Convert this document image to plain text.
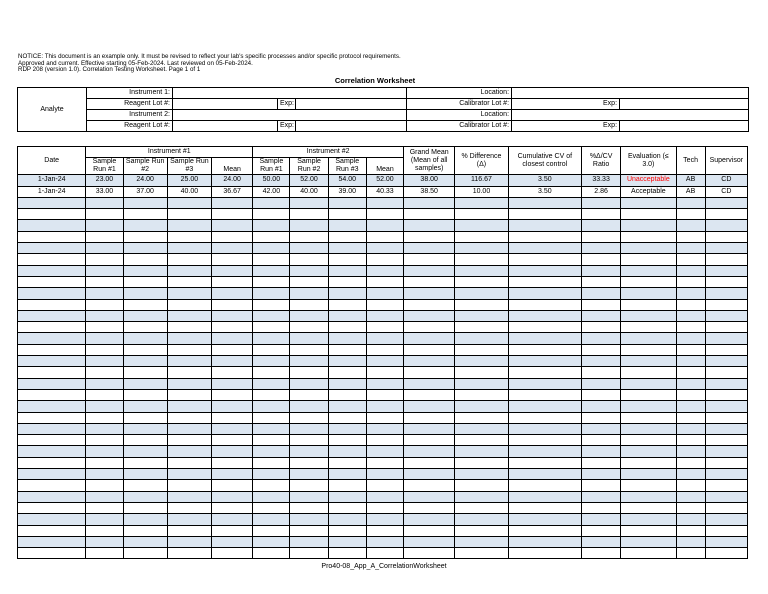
NOTICE: This document is an example only. It must be revised to reflect your lab's specific processes and/or specific protocol requirements.
Approved and current. Effective starting 05-Feb-2024. Last reviewed on 05-Feb-2024.
RDP 208 (version 1.0). Correlation Testing Worksheet. Page 1 of 1
Correlation Worksheet
Analyte	Instrument 1:				Location:		
	Reagent Lot #:		Exp:		Calibrator Lot #:	Exp:	
	Instrument 2:				Location:		
	Reagent Lot #:		Exp:		Calibrator Lot #:	Exp:	
Date	Instrument #1				Instrument #2				Grand Mean (Mean of all samples)	% Difference (Δ)	Cumulative CV of closest control	%Δ/CV Ratio	Evaluation (≤ 3.0)	Tech	Supervisor
	Sample Run #1	Sample Run #2	Sample Run #3	Mean	Sample Run #1	Sample Run #2	Sample Run #3	Mean							
1-Jan-24	23.00	24.00	25.00	24.00	50.00	52.00	54.00	52.00	38.00	116.67	3.50	33.33	Unacceptable	AB	CD
1-Jan-24	33.00	37.00	40.00	36.67	42.00	40.00	39.00	40.33	38.50	10.00	3.50	2.86	Acceptable	AB	CD

Pro40-08_App_A_CorrelationWorksheet
